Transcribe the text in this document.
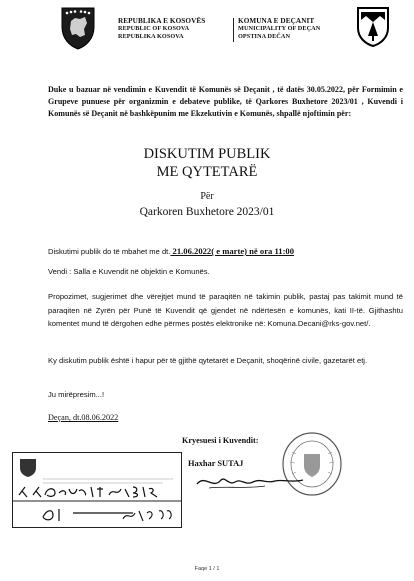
REPUBLIKA E KOSOVËS
REPUBLIC OF KOSOVA
REPUBLIKA KOSOVA
KOMUNA E DEÇANIT
MUNICIPALITY OF DEÇAN
OPSTINA DEČAN
Duke u bazuar në vendimin e Kuvendit të Komunës së Deçanit , të datës 30.05.2022, për Formimin e Grupeve punuese për organizmin e debateve publike, të Qarkores Buxhetore 2023/01 , Kuvendi i Komunës së Deçanit në bashkëpunim me Ekzekutivin e Komunës, shpallë njoftimin për:
DISKUTIM PUBLIK
ME QYTETARË
Për
Qarkoren Buxhetore 2023/01
Diskutimi publik do të mbahet me dt. 21.06.2022( e marte) në ora 11:00
Vendi : Salla e Kuvendit në objektin e Komunës.
Propozimet, sugjerimet dhe vërejtjet mund të paraqitën në takimin publik, pastaj pas takimit mund të paraqiten në Zyrën për Punë të Kuvendit që gjendet në ndërtesën e komunës, kati II-të. Gjithashtu komentet mund të dërgohen edhe përmes postës elektronike në: Komuna.Decani@rks-gov.net/.
Ky diskutim publik është i hapur për të gjithë qytetarët e Deçanit, shoqërinë civile, gazetarët etj.
Ju mirëpresim...!
Deçan, dt.08.06.2022
Kryesuesi i Kuvendit:
Haxhar SUTAJ
Faqe 1 / 1
